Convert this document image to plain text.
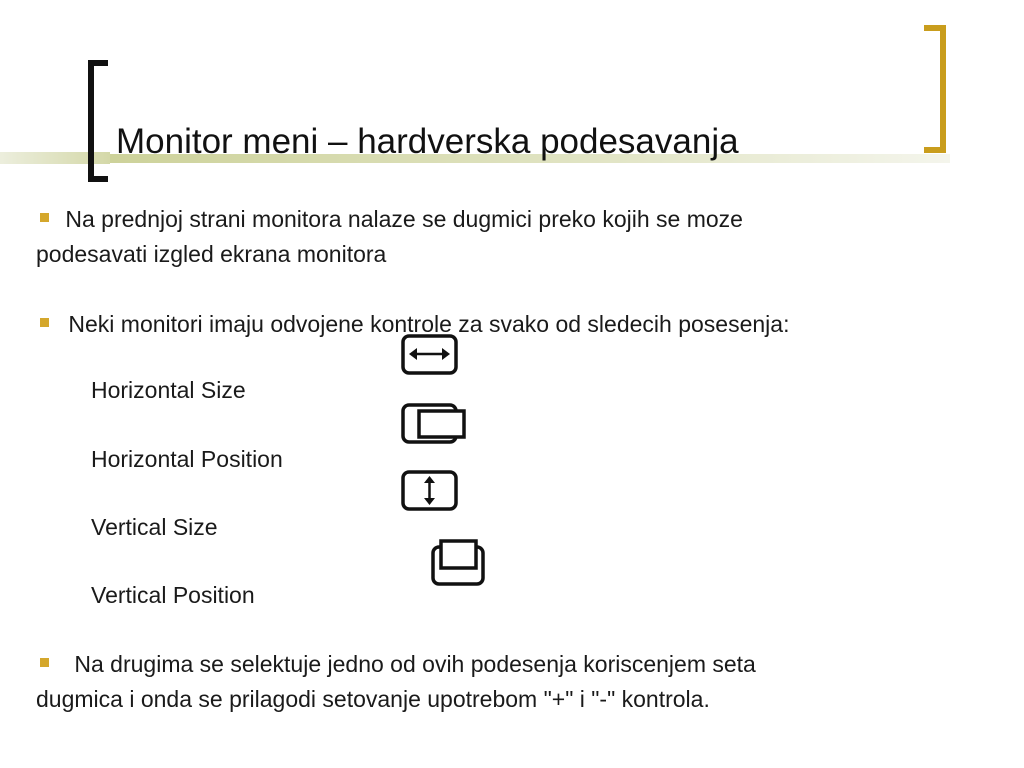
Monitor meni – hardverska podesavanja
Na prednjoj strani monitora nalaze se dugmici preko kojih se moze
podesavati izgled ekrana monitora
Neki monitori imaju odvojene kontrole za svako od sledecih posesenja:
Horizontal Size
Horizontal Position
Vertical Size
Vertical Position
Na drugima se selektuje jedno od ovih podesenja koriscenjem seta
dugmica i onda se prilagodi setovanje upotrebom "+" i "-" kontrola.
